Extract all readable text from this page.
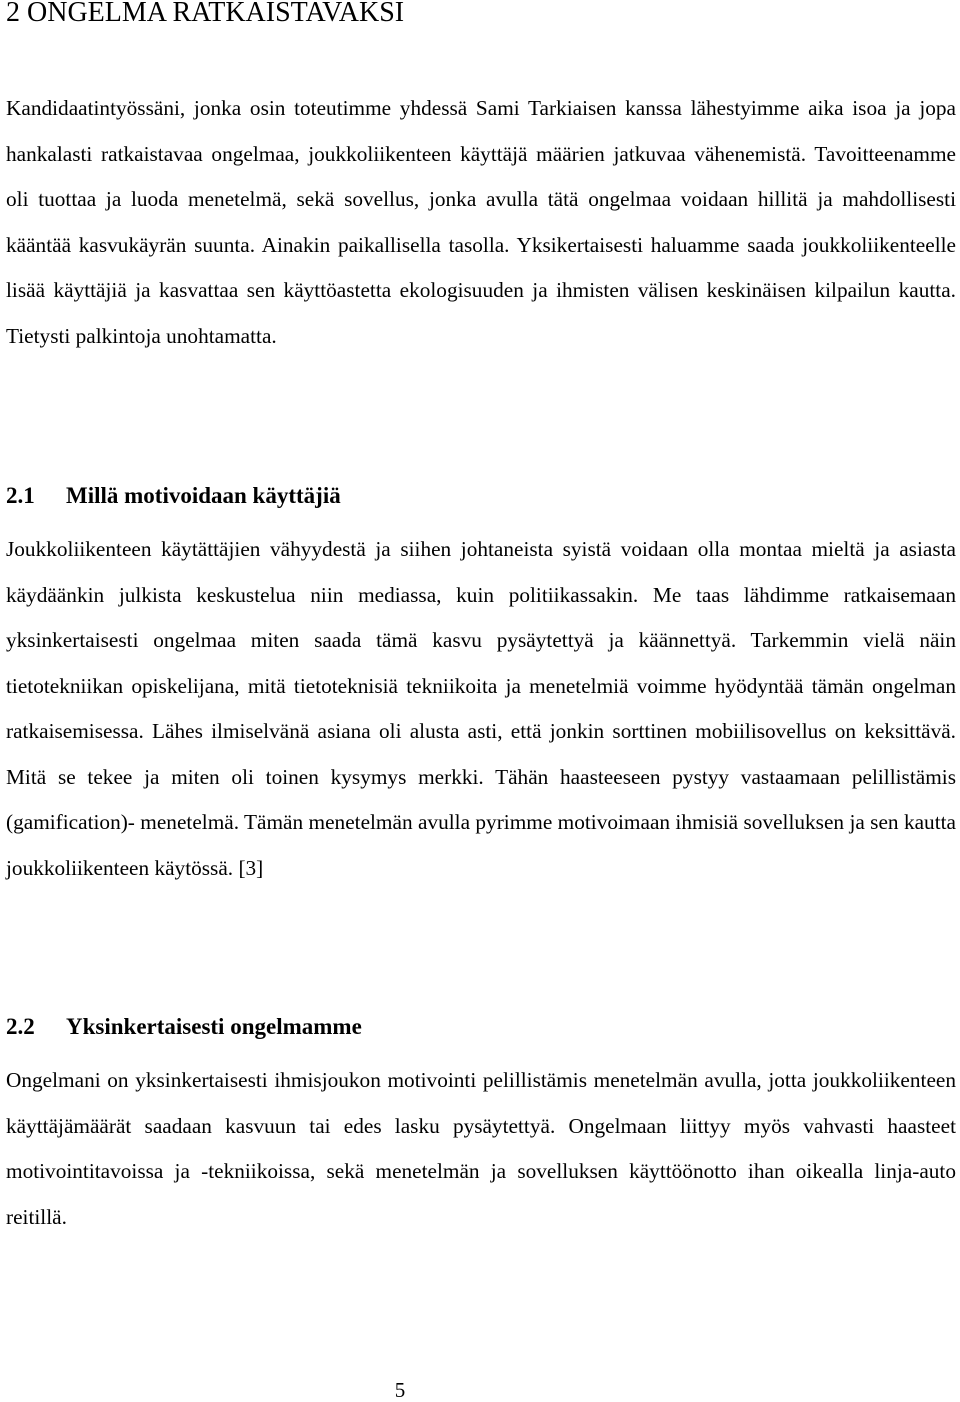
2 ONGELMA RATKAISTAVAKSI

Kandidaatintyössäni, jonka osin toteutimme yhdessä Sami Tarkiaisen kanssa lähestyimme aika isoa ja jopa hankalasti ratkaistavaa ongelmaa, joukkoliikenteen käyttäjä määrien jatkuvaa vähenemistä. Tavoitteenamme oli tuottaa ja luoda menetelmä, sekä sovellus, jonka avulla tätä ongelmaa voidaan hillitä ja mahdollisesti kääntää kasvukäyrän suunta. Ainakin paikallisella tasolla. Yksikertaisesti haluamme saada joukkoliikenteelle lisää käyttäjiä ja kasvattaa sen käyttöastetta ekologisuuden ja ihmisten välisen keskinäisen kilpailun kautta. Tietysti palkintoja unohtamatta.

2.1 Millä motivoidaan käyttäjiä

Joukkoliikenteen käytättäjien vähyydestä ja siihen johtaneista syistä voidaan olla montaa mieltä ja asiasta käydäänkin julkista keskustelua niin mediassa, kuin politiikassakin. Me taas lähdimme ratkaisemaan yksinkertaisesti ongelmaa miten saada tämä kasvu pysäytettyä ja käännettyä. Tarkemmin vielä näin tietotekniikan opiskelijana, mitä tietoteknisiä tekniikoita ja menetelmiä voimme hyödyntää tämän ongelman ratkaisemisessa. Lähes ilmiselvänä asiana oli alusta asti, että jonkin sorttinen mobiilisovellus on keksittävä. Mitä se tekee ja miten oli toinen kysymys merkki. Tähän haasteeseen pystyy vastaamaan pelillistämis (gamification)- menetelmä. Tämän menetelmän avulla pyrimme motivoimaan ihmisiä sovelluksen ja sen kautta joukkoliikenteen käytössä. [3]

2.2 Yksinkertaisesti ongelmamme

Ongelmani on yksinkertaisesti ihmisjoukon motivointi pelillistämis menetelmän avulla, jotta joukkoliikenteen käyttäjämäärät saadaan kasvuun tai edes lasku pysäytettyä. Ongelmaan liittyy myös vahvasti haasteet motivointitavoissa ja -tekniikoissa, sekä menetelmän ja sovelluksen käyttöönotto ihan oikealla linja-auto reitillä.

5
